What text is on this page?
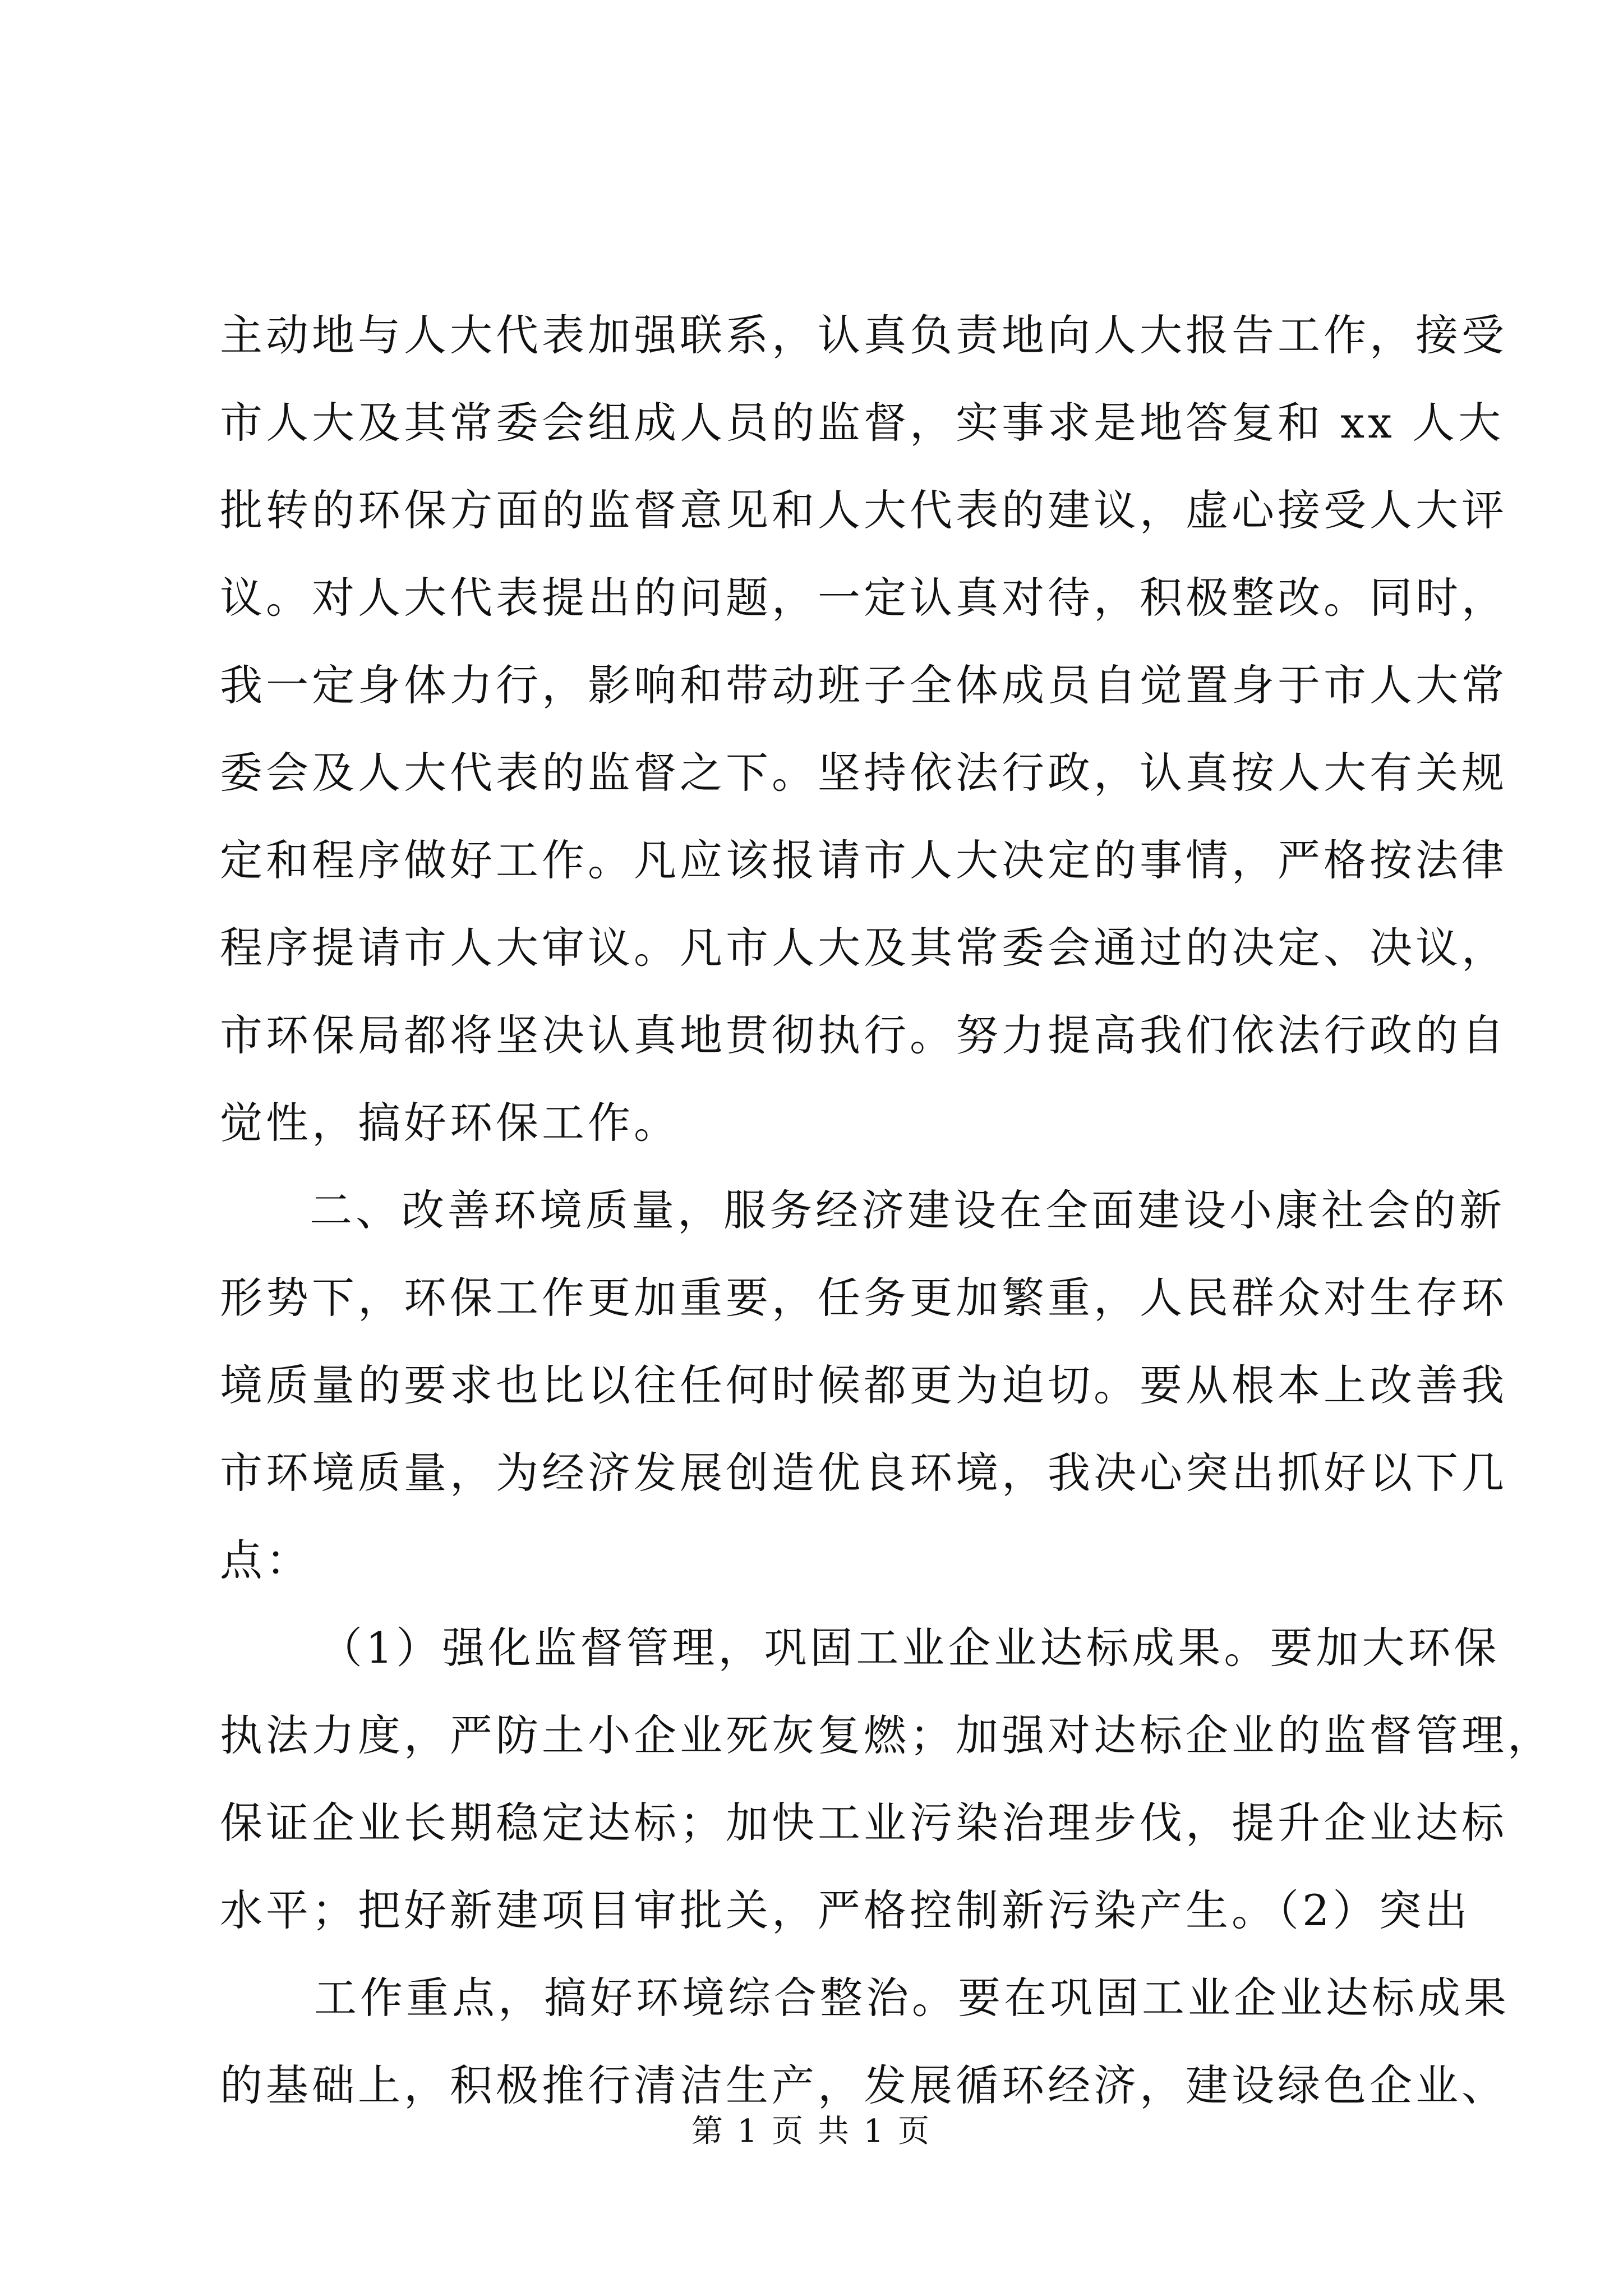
主动地与人大代表加强联系，认真负责地向人大报告工作，接受
市人大及其常委会组成人员的监督，实事求是地答复和 xx 人大
批转的环保方面的监督意见和人大代表的建议，虚心接受人大评
议。对人大代表提出的问题，一定认真对待，积极整改。同时，
我一定身体力行，影响和带动班子全体成员自觉置身于市人大常
委会及人大代表的监督之下。坚持依法行政，认真按人大有关规
定和程序做好工作。凡应该报请市人大决定的事情，严格按法律
程序提请市人大审议。凡市人大及其常委会通过的决定、决议，
市环保局都将坚决认真地贯彻执行。努力提高我们依法行政的自
觉性，搞好环保工作。
二、改善环境质量，服务经济建设在全面建设小康社会的新
形势下，环保工作更加重要，任务更加繁重，人民群众对生存环
境质量的要求也比以往任何时候都更为迫切。要从根本上改善我
市环境质量，为经济发展创造优良环境，我决心突出抓好以下几
点：
（1）强化监督管理，巩固工业企业达标成果。要加大环保
执法力度，严防土小企业死灰复燃；加强对达标企业的监督管理，
保证企业长期稳定达标；加快工业污染治理步伐，提升企业达标
水平；把好新建项目审批关，严格控制新污染产生。（2）突出
工作重点，搞好环境综合整治。要在巩固工业企业达标成果
的基础上，积极推行清洁生产，发展循环经济，建设绿色企业、
第 1 页 共 1 页
